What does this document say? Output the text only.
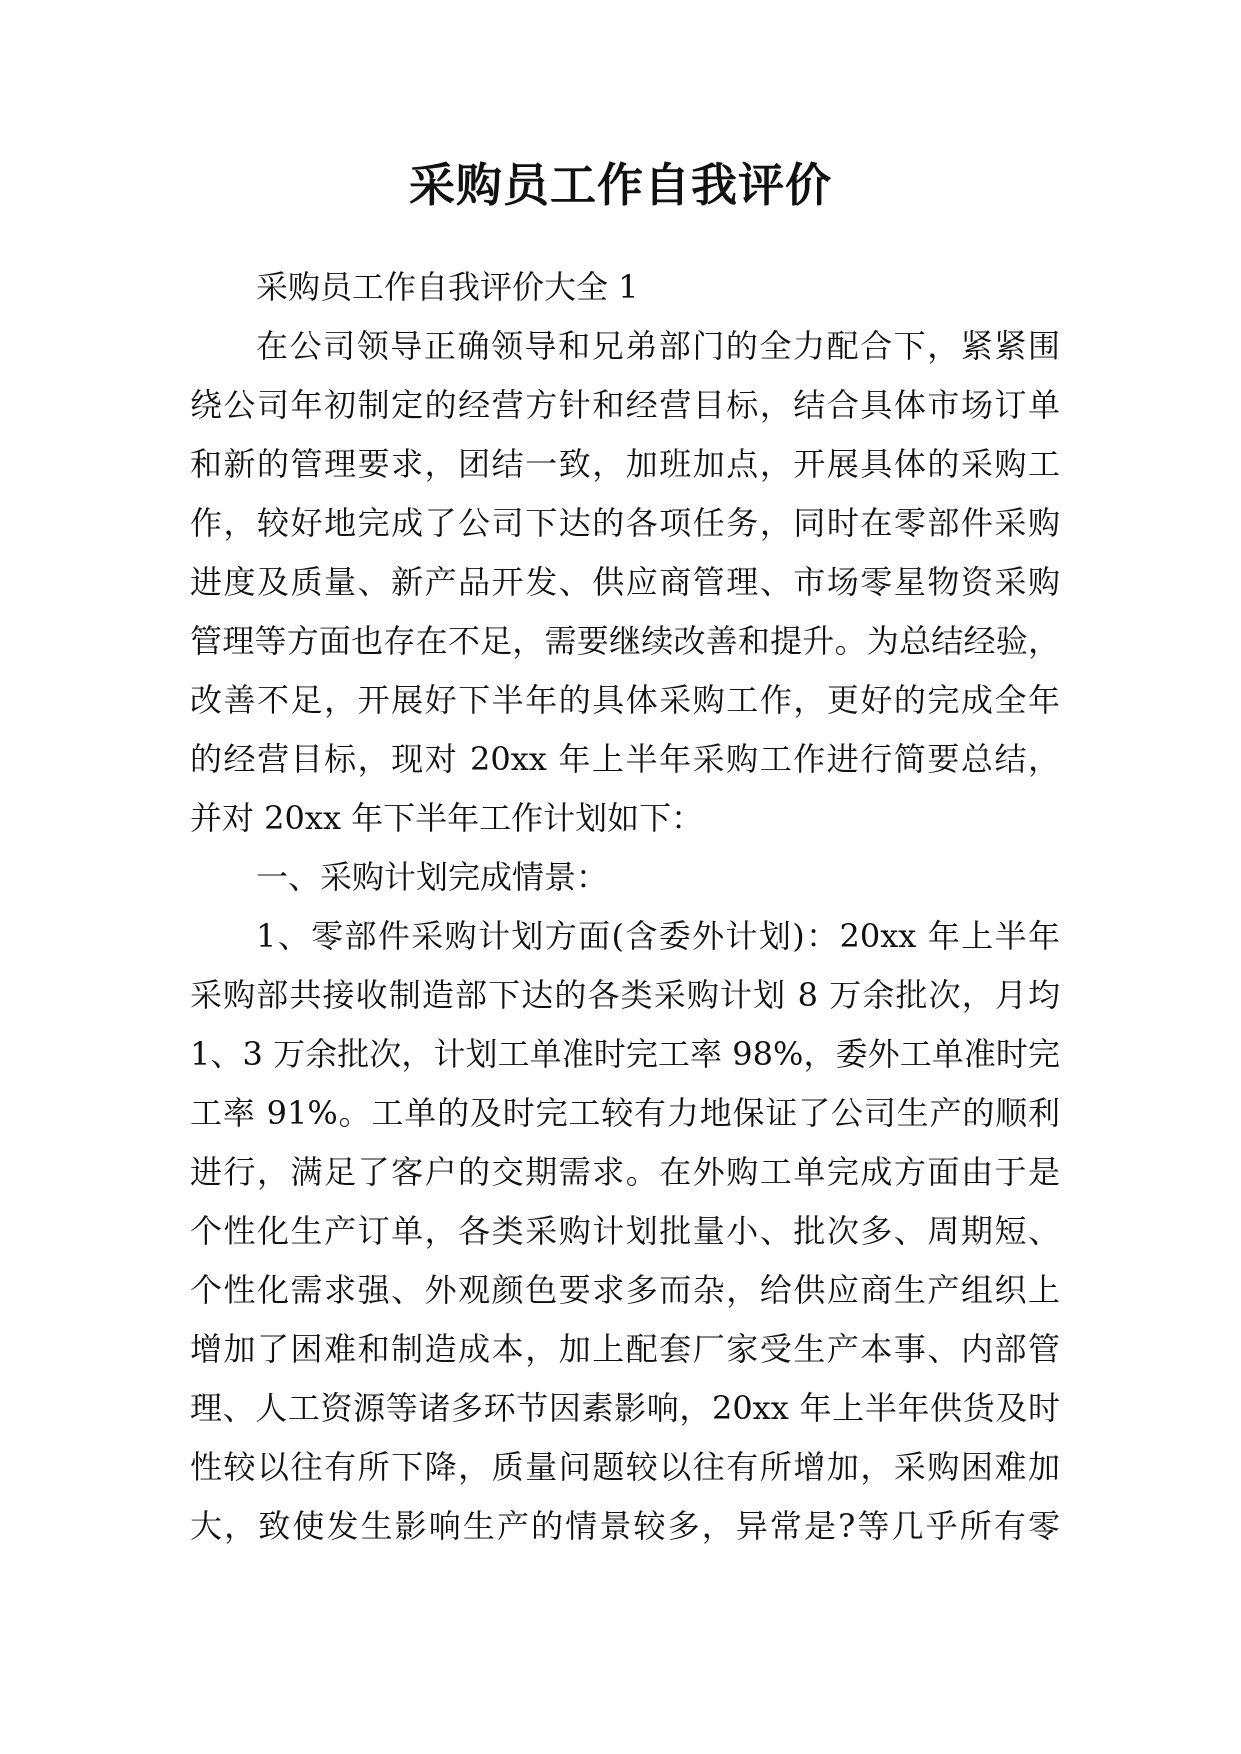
采购员工作自我评价
采购员工作自我评价大全 1
在公司领导正确领导和兄弟部门的全力配合下，紧紧围
绕公司年初制定的经营方针和经营目标，结合具体市场订单
和新的管理要求，团结一致，加班加点，开展具体的采购工
作，较好地完成了公司下达的各项任务，同时在零部件采购
进度及质量、新产品开发、供应商管理、市场零星物资采购
管理等方面也存在不足，需要继续改善和提升。为总结经验，
改善不足，开展好下半年的具体采购工作，更好的完成全年
的经营目标，现对 20xx 年上半年采购工作进行简要总结，
并对 20xx 年下半年工作计划如下：
一、采购计划完成情景：
1、零部件采购计划方面(含委外计划)：20xx 年上半年
采购部共接收制造部下达的各类采购计划 8 万余批次，月均
1、3 万余批次，计划工单准时完工率 98%，委外工单准时完
工率 91%。工单的及时完工较有力地保证了公司生产的顺利
进行，满足了客户的交期需求。在外购工单完成方面由于是
个性化生产订单，各类采购计划批量小、批次多、周期短、
个性化需求强、外观颜色要求多而杂，给供应商生产组织上
增加了困难和制造成本，加上配套厂家受生产本事、内部管
理、人工资源等诸多环节因素影响，20xx 年上半年供货及时
性较以往有所下降，质量问题较以往有所增加，采购困难加
大，致使发生影响生产的情景较多，异常是?等几乎所有零
